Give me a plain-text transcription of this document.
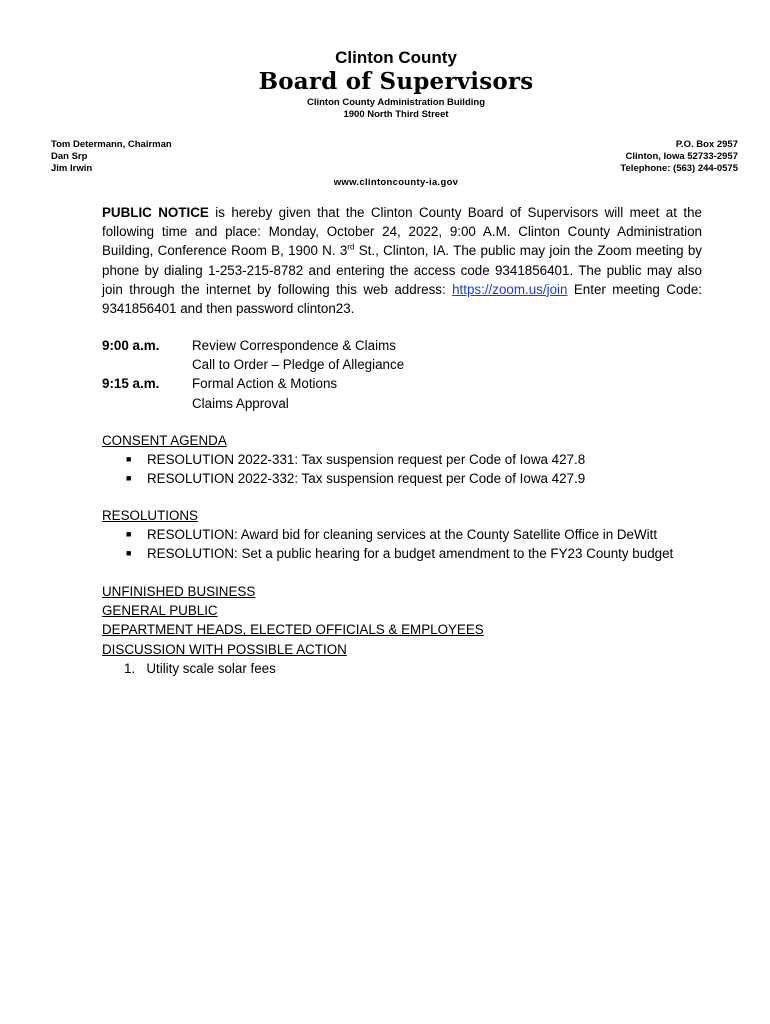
Clinton County
Board of Supervisors
Clinton County Administration Building
1900 North Third Street
Tom Determann, Chairman
Dan Srp
Jim Irwin
P.O. Box 2957
Clinton, Iowa 52733-2957
Telephone: (563) 244-0575
www.clintoncounty-ia.gov
PUBLIC NOTICE is hereby given that the Clinton County Board of Supervisors will meet at the following time and place: Monday, October 24, 2022, 9:00 A.M. Clinton County Administration Building, Conference Room B, 1900 N. 3rd St., Clinton, IA. The public may join the Zoom meeting by phone by dialing 1-253-215-8782 and entering the access code 9341856401. The public may also join through the internet by following this web address: https://zoom.us/join Enter meeting Code: 9341856401 and then password clinton23.
9:00 a.m.	Review Correspondence & Claims
Call to Order – Pledge of Allegiance
9:15 a.m.	Formal Action & Motions
Claims Approval
CONSENT AGENDA
■	RESOLUTION 2022-331: Tax suspension request per Code of Iowa 427.8
■	RESOLUTION 2022-332: Tax suspension request per Code of Iowa 427.9
RESOLUTIONS
■	RESOLUTION: Award bid for cleaning services at the County Satellite Office in DeWitt
■	RESOLUTION: Set a public hearing for a budget amendment to the FY23 County budget
UNFINISHED BUSINESS
GENERAL PUBLIC
DEPARTMENT HEADS, ELECTED OFFICIALS & EMPLOYEES
DISCUSSION WITH POSSIBLE ACTION
1.   Utility scale solar fees
